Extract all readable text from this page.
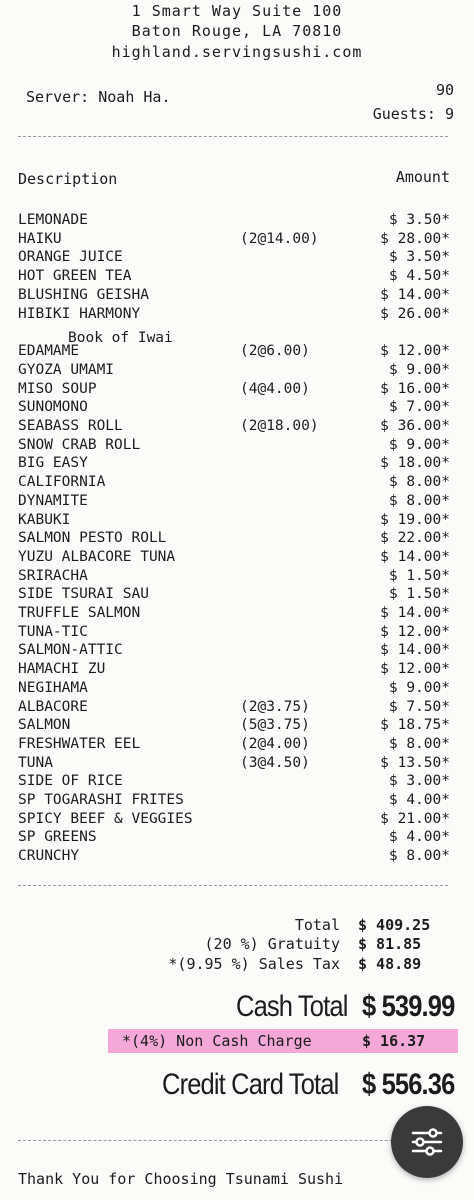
1 Smart Way Suite 100
Baton Rouge, LA 70810
highland.servingsushi.com
Server: Noah Ha.	90
Guests: 9
Description	Amount
LEMONADE	$ 3.50*
HAIKU	(2@14.00)	$ 28.00*
ORANGE JUICE	$ 3.50*
HOT GREEN TEA	$ 4.50*
BLUSHING GEISHA	$ 14.00*
HIBIKI HARMONY	$ 26.00*
EDAMAME	(2@6.00)	$ 12.00*
GYOZA UMAMI	$ 9.00*
MISO SOUP	(4@4.00)	$ 16.00*
SUNOMONO	$ 7.00*
SEABASS ROLL	(2@18.00)	$ 36.00*
SNOW CRAB ROLL	$ 9.00*
BIG EASY	$ 18.00*
CALIFORNIA	$ 8.00*
DYNAMITE	$ 8.00*
KABUKI	$ 19.00*
SALMON PESTO ROLL	$ 22.00*
YUZU ALBACORE TUNA	$ 14.00*
SRIRACHA	$ 1.50*
SIDE TSURAI SAU	$ 1.50*
TRUFFLE SALMON	$ 14.00*
TUNA-TIC	$ 12.00*
SALMON-ATTIC	$ 14.00*
HAMACHI ZU	$ 12.00*
NEGIHAMA	$ 9.00*
ALBACORE	(2@3.75)	$ 7.50*
SALMON	(5@3.75)	$ 18.75*
FRESHWATER EEL	(2@4.00)	$ 8.00*
TUNA	(3@4.50)	$ 13.50*
SIDE OF RICE	$ 3.00*
SP TOGARASHI FRITES	$ 4.00*
SPICY BEEF & VEGGIES	$ 21.00*
SP GREENS	$ 4.00*
CRUNCHY	$ 8.00*
Book of Iwai
Total $ 409.25
(20 %) Gratuity $ 81.85
*(9.95 %) Sales Tax $ 48.89
Cash Total $ 539.99
*(4%) Non Cash Charge	$ 16.37
Credit Card Total $ 556.36
Thank You for Choosing Tsunami Sushi
